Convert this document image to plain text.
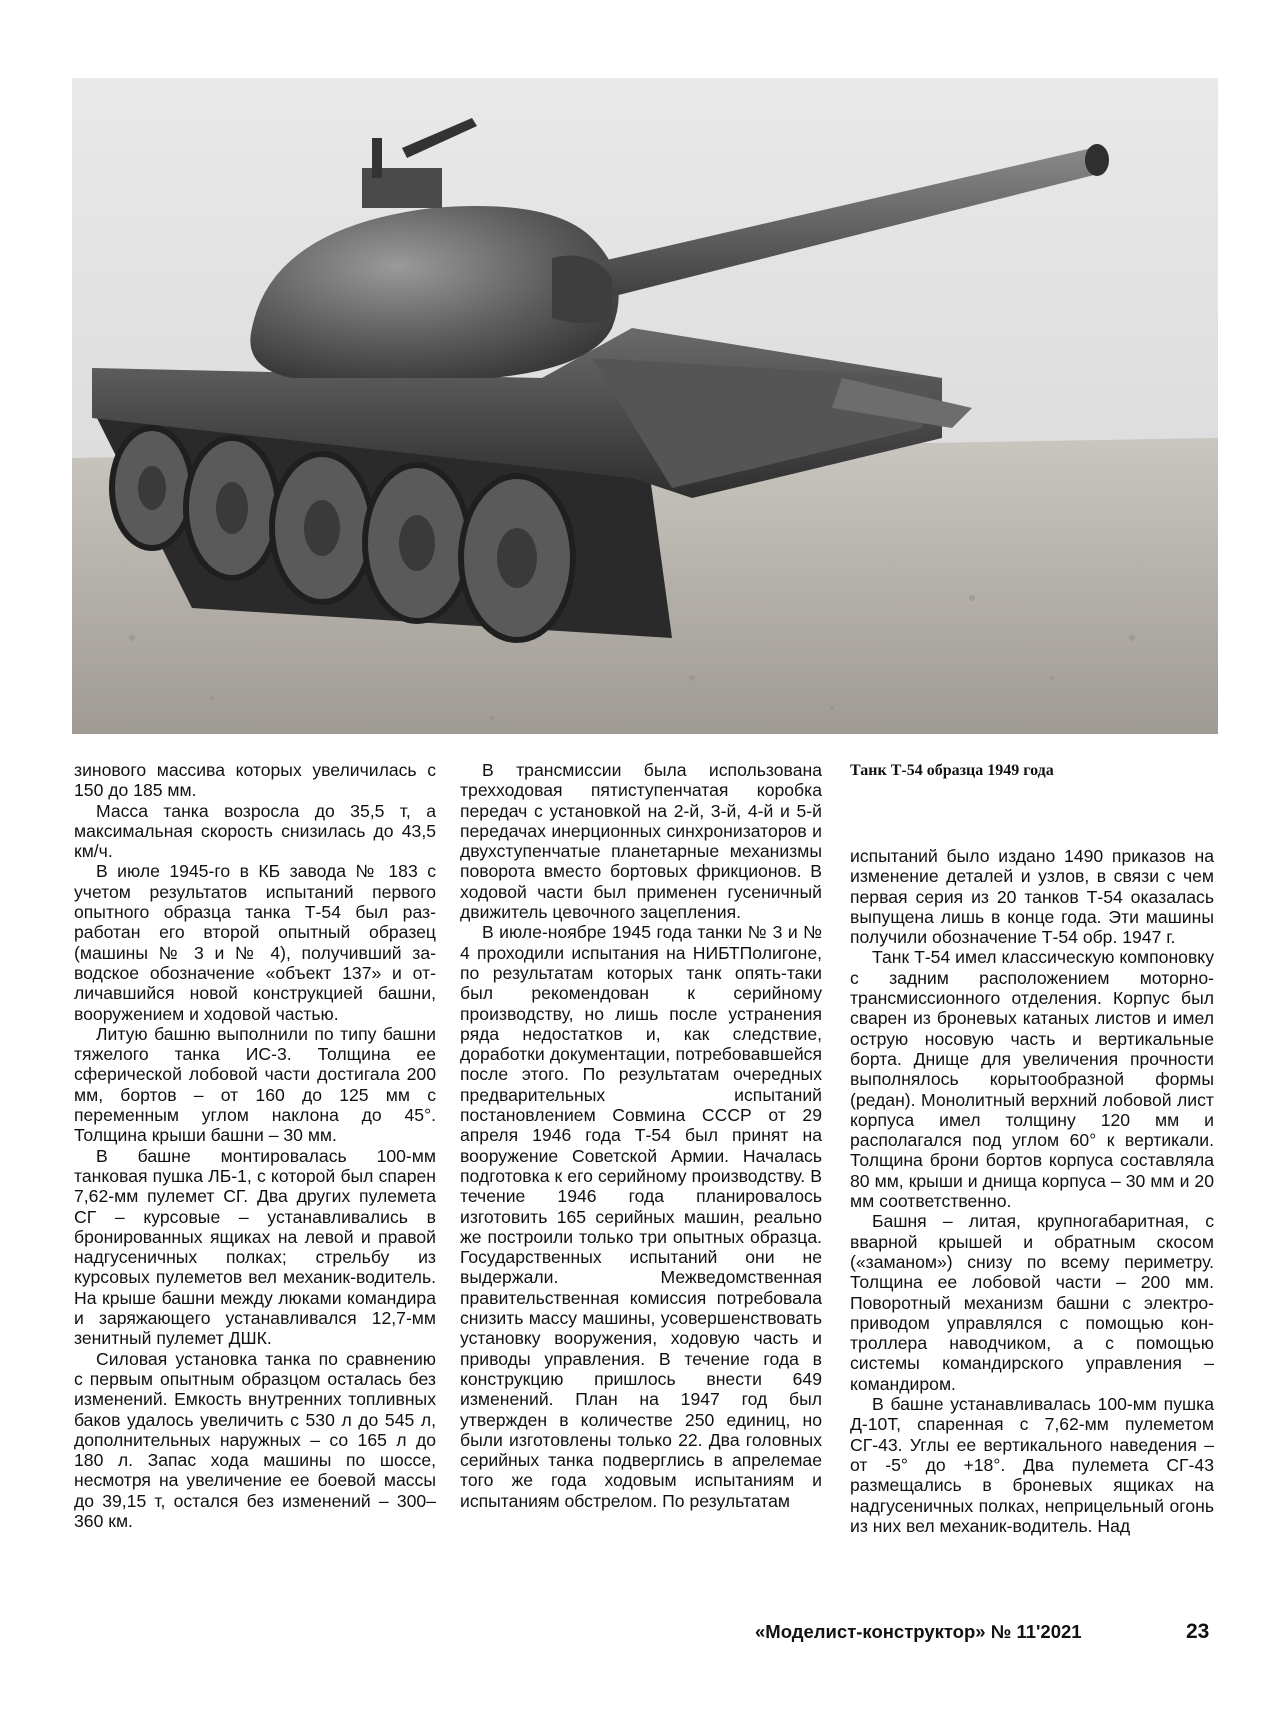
Танк Т-54 образца 1949 года

зинового массива которых увеличилась с 150 до 185 мм.

Масса танка возросла до 35,5 т, а максимальная скорость снизилась до 43,5 км/ч.

В июле 1945-го в КБ завода № 183 с учетом результатов испытаний первого опытного образца танка Т-54 был разработан его второй опытный образец (машины № 3 и № 4), получивший заводское обозначение «объект 137» и отличавшийся новой конструкцией башни, вооружением и ходовой частью.

Литую башню выполнили по типу башни тяжелого танка ИС-3. Толщина ее сферической лобовой части достигала 200 мм, бортов – от 160 до 125 мм с переменным углом наклона до 45°. Толщина крыши башни – 30 мм.

В башне монтировалась 100-мм танковая пушка ЛБ-1, с которой был спарен 7,62-мм пулемет СГ. Два других пулемета СГ – курсовые – устанавливались в бронированных ящиках на левой и правой надгусеничных полках; стрельбу из курсовых пулеметов вел механик-водитель. На крыше башни между люками командира и заряжающего устанавливался 12,7-мм зенитный пулемет ДШК.

Силовая установка танка по сравнению с первым опытным образцом осталась без изменений. Емкость внутренних топливных баков удалось увеличить с 530 л до 545 л, дополнительных наружных – со 165 л до 180 л. Запас хода машины по шоссе, несмотря на увеличение ее боевой массы до 39,15 т, остался без изменений – 300–360 км.

В трансмиссии была использована трехходовая пятиступенчатая коробка передач с установкой на 2-й, 3-й, 4-й и 5-й передачах инерционных синхронизаторов и двухступенчатые планетарные механизмы поворота вместо бортовых фрикционов. В ходовой части был применен гусеничный движитель цевочного зацепления.

В июле-ноябре 1945 года танки № 3 и № 4 проходили испытания на НИБТПолигоне, по результатам которых танк опять-таки был рекомендован к серийному производству, но лишь после устранения ряда недостатков и, как следствие, доработки документации, потребовавшейся после этого. По результатам очередных предварительных испытаний постановлением Совмина СССР от 29 апреля 1946 года Т-54 был принят на вооружение Советской Армии. Началась подготовка к его серийному производству. В течение 1946 года планировалось изготовить 165 серийных машин, реально же построили только три опытных образца. Государственных испытаний они не выдержали. Межведомственная правительственная комиссия потребовала снизить массу машины, усовершенствовать установку вооружения, ходовую часть и приводы управления. В течение года в конструкцию пришлось внести 649 изменений. План на 1947 год был утвержден в количестве 250 единиц, но были изготовлены только 22. Два головных серийных танка подверглись в апрелемае того же года ходовым испытаниям и испытаниям обстрелом. По результатам

испытаний было издано 1490 приказов на изменение деталей и узлов, в связи с чем первая серия из 20 танков Т-54 оказалась выпущена лишь в конце года. Эти машины получили обозначение Т-54 обр. 1947 г.

Танк Т-54 имел классическую компоновку с задним расположением моторнотрансмиссионного отделения. Корпус был сварен из броневых катаных листов и имел острую носовую часть и вертикальные борта. Днище для увеличения прочности выполнялось корытообразной формы (редан). Монолитный верхний лобовой лист корпуса имел толщину 120 мм и располагался под углом 60° к вертикали. Толщина брони бортов корпуса составляла 80 мм, крыши и днища корпуса – 30 мм и 20 мм соответственно.

Башня – литая, крупногабаритная, с вварной крышей и обратным скосом («заманом») снизу по всему периметру. Толщина ее лобовой части – 200 мм. Поворотный механизм башни с электроприводом управлялся с помощью контроллера наводчиком, а с помощью системы командирского управления – командиром.

В башне устанавливалась 100-мм пушка Д-10Т, спаренная с 7,62-мм пулеметом СГ-43. Углы ее вертикального наведения – от -5° до +18°. Два пулемета СГ-43 размещались в броневых ящиках на надгусеничных полках, неприцельный огонь из них вел механик-водитель. Над

«Моделист-конструктор» № 11'2021	23
